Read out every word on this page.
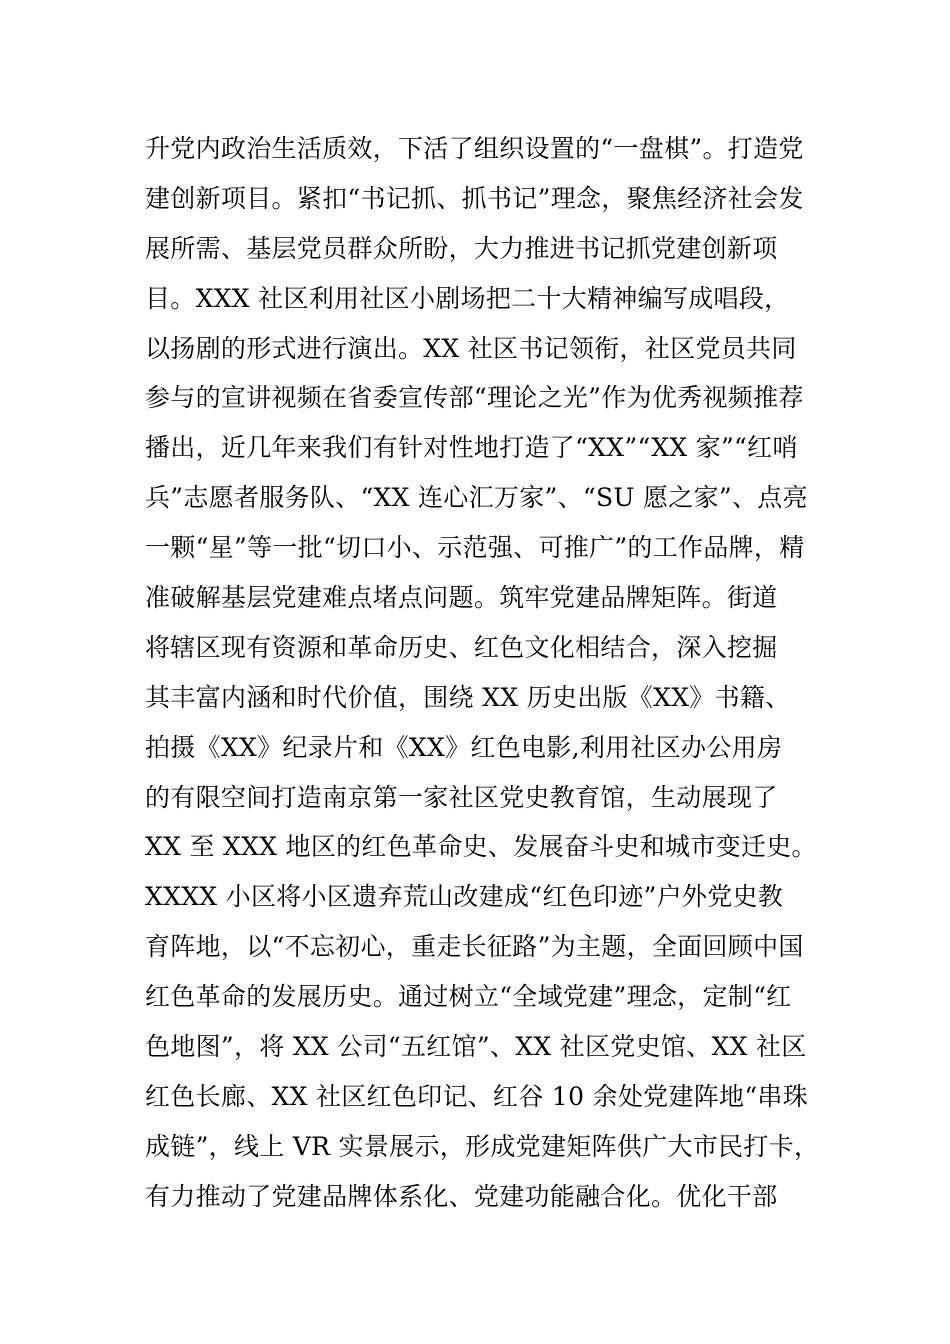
升党内政治生活质效，下活了组织设置的“一盘棋”。打造党
建创新项目。紧扣“书记抓、抓书记”理念，聚焦经济社会发
展所需、基层党员群众所盼，大力推进书记抓党建创新项
目。XXX 社区利用社区小剧场把二十大精神编写成唱段，
以扬剧的形式进行演出。XX 社区书记领衔，社区党员共同
参与的宣讲视频在省委宣传部“理论之光”作为优秀视频推荐
播出，近几年来我们有针对性地打造了“XX”“XX 家”“红哨
兵”志愿者服务队、“XX 连心汇万家”、“SU 愿之家”、点亮
一颗“星”等一批“切口小、示范强、可推广”的工作品牌，精
准破解基层党建难点堵点问题。筑牢党建品牌矩阵。街道
将辖区现有资源和革命历史、红色文化相结合，深入挖掘
其丰富内涵和时代价值，围绕 XX 历史出版《XX》书籍、
拍摄《XX》纪录片和《XX》红色电影,利用社区办公用房
的有限空间打造南京第一家社区党史教育馆，生动展现了
XX 至 XXX 地区的红色革命史、发展奋斗史和城市变迁史。
XXXX 小区将小区遗弃荒山改建成“红色印迹”户外党史教
育阵地，以“不忘初心，重走长征路”为主题，全面回顾中国
红色革命的发展历史。通过树立“全域党建”理念，定制“红
色地图”，将 XX 公司“五红馆”、XX 社区党史馆、XX 社区
红色长廊、XX 社区红色印记、红谷 10 余处党建阵地“串珠
成链”，线上 VR 实景展示，形成党建矩阵供广大市民打卡，
有力推动了党建品牌体系化、党建功能融合化。优化干部
